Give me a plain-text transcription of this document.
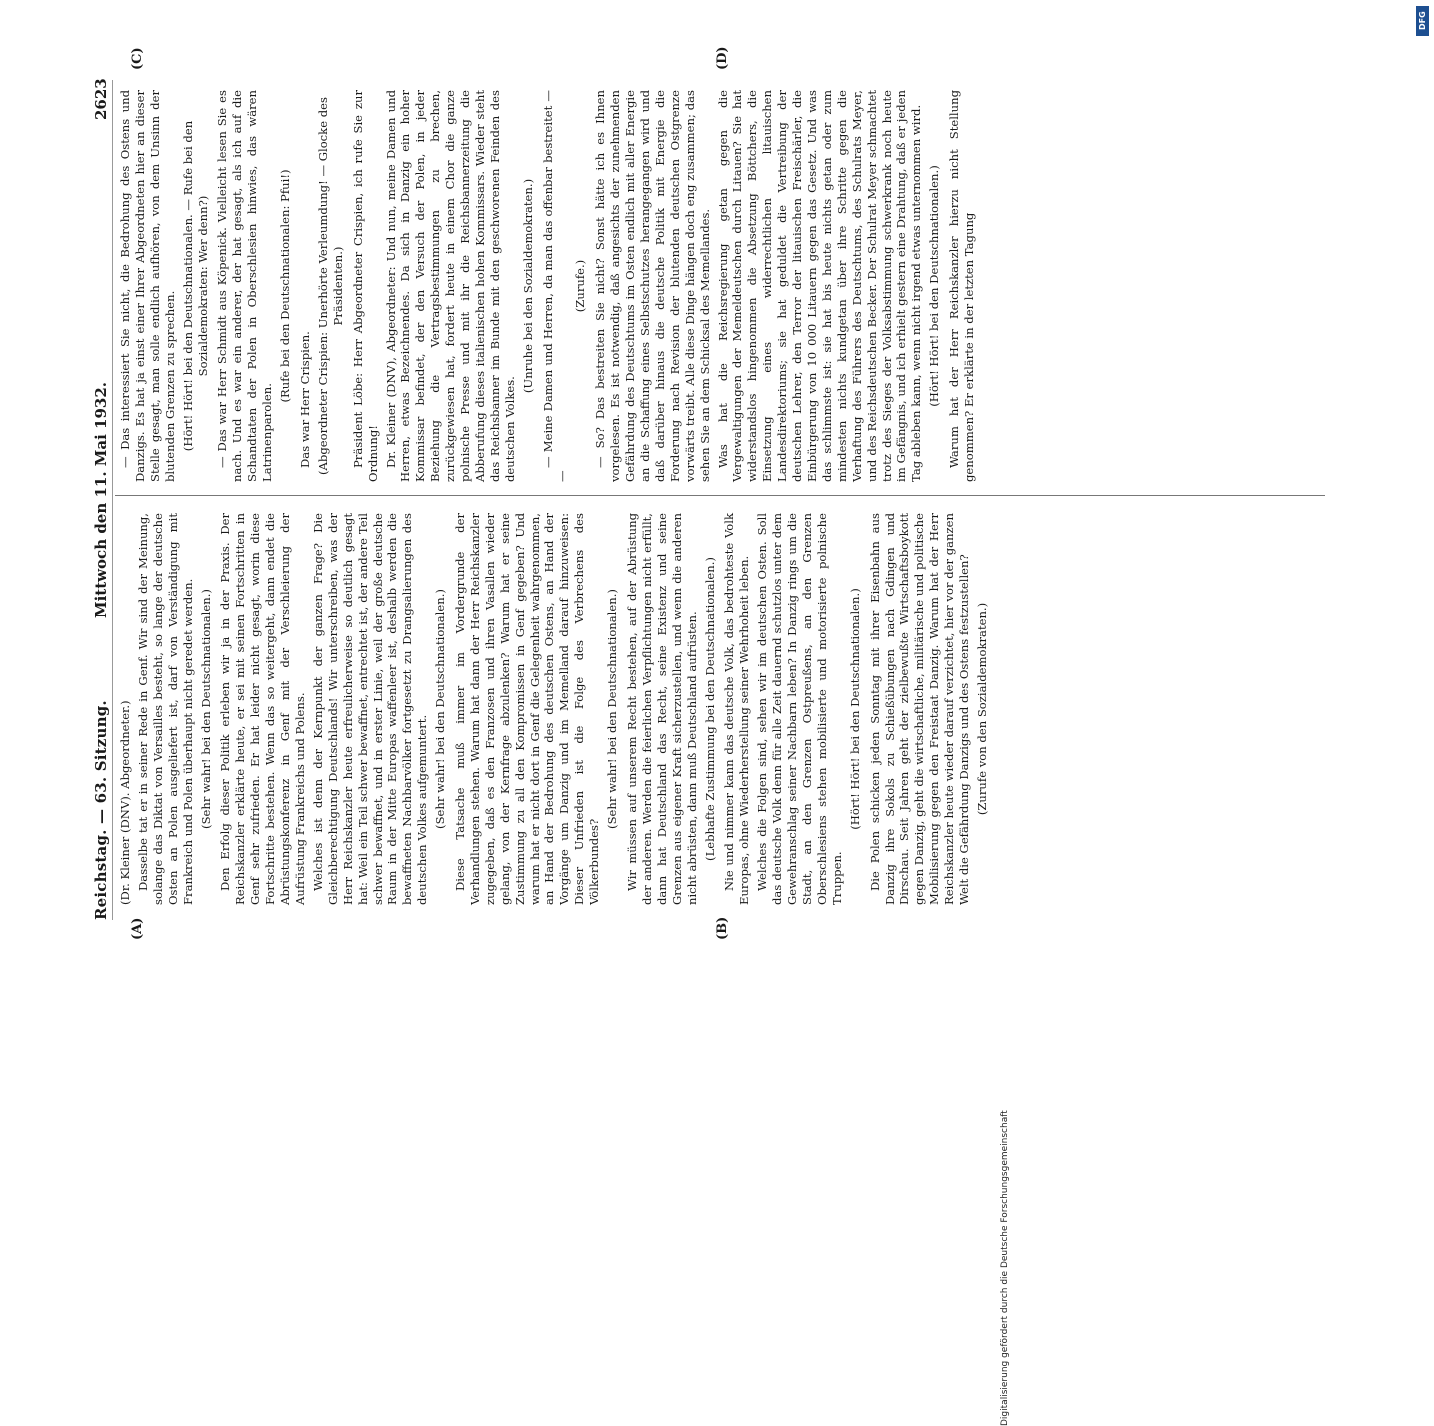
Reichstag. — 63. Sitzung.
Mittwoch den 11. Mai 1932.
2623
(A)	(B)
(C)	(D)

(Dr. Kleiner (DNV). Abgeordneter.) Dasselbe tat er in seiner Rede in Genf. Wir sind der Meinung, solange das Diktat von Versailles besteht, so lange der deutsche Osten an Polen ausgeliefert ist, darf von Verständigung mit Frankreich und Polen überhaupt nicht geredet werden. (Sehr wahr! bei den Deutschnationalen.) Den Erfolg dieser Politik erleben wir ja in der Praxis. Der Reichskanzler erklärte heute, er sei mit seinen Fortschritten in Genf sehr zufrieden. Er hat leider nicht gesagt, worin diese Fortschritte bestehen. Wenn das so weitergeht, dann endet die Abrüstungskonferenz in Genf mit der Verschleierung der Aufrüstung Frankreichs und Polens. Welches ist denn der Kernpunkt der ganzen Frage? Die Gleichberechtigung Deutschlands! Wir unterschreiben, was der Herr Reichskanzler heute erfreulicherweise so deutlich gesagt hat: Weil ein Teil schwer bewaffnet, entrechtet ist, der andere Teil schwer bewaffnet, und in erster Linie, weil der große deutsche Raum in der Mitte Europas waffenleer ist, deshalb werden die bewaffneten Nachbarvölker fortgesetzt zu Drangsalierungen des deutschen Volkes aufgemuntert. (Sehr wahr! bei den Deutschnationalen.) Diese Tatsache muß immer im Vordergrunde der Verhandlungen stehen. Warum hat dann der Herr Reichskanzler zugegeben, daß es den Franzosen und ihren Vasallen wieder gelang, von der Kernfrage abzulenken? Warum hat er seine Zustimmung zu all den Kompromissen in Genf gegeben? Und warum hat er nicht dort in Genf die Gelegenheit wahrgenommen, an Hand der Bedrohung des deutschen Ostens, an Hand der Vorgänge um Danzig und im Memelland darauf hinzuweisen: Dieser Unfrieden ist die Folge des Verbrechens des Völkerbundes?

(Sehr wahr! bei den Deutschnationalen.) Wir müssen auf unserem Recht bestehen, auf der Abrüstung der anderen. Werden die feierlichen Verpflichtungen nicht erfüllt, dann hat Deutschland das Recht, seine Existenz und seine Grenzen aus eigener Kraft sicherzustellen, und wenn die anderen nicht abrüsten, dann muß Deutschland aufrüsten. (Lebhafte Zustimmung bei den Deutschnationalen.) Nie und nimmer kann das deutsche Volk, das bedrohteste Volk Europas, ohne Wiederherstellung seiner Wehrhoheit leben. Welches die Folgen sind, sehen wir im deutschen Osten. Soll das deutsche Volk denn für alle Zeit dauernd schutzlos unter dem Gewehranschlag seiner Nachbarn leben? In Danzig rings um die Stadt, an den Grenzen Ostpreußens, an den Grenzen Oberschlesiens stehen mobilisierte und motorisierte polnische Truppen.

(Hört! Hört! bei den Deutschnationalen.) Die Polen schicken jeden Sonntag mit ihrer Eisenbahn aus Danzig ihre Sokols zu Schießübungen nach Gdingen und Dirschau. Seit Jahren geht der zielbewußte Wirtschaftsboykott gegen Danzig, geht die wirtschaftliche, militärische und politische Mobilisierung gegen den Freistaat Danzig. Warum hat der Herr Reichskanzler heute wieder darauf verzichtet, hier vor der ganzen Welt die Gefährdung Danzigs und des Ostens festzustellen? (Zurufe von den Sozialdemokraten.)

— Das interessiert Sie nicht, die Bedrohung des Ostens und Danzigs. Es hat ja einst einer Ihrer Abgeordneten hier an dieser Stelle gesagt, man solle endlich aufhören, von dem Unsinn der blutenden Grenzen zu sprechen. (Hört! Hört! bei den Deutschnationalen. — Rufe bei den Sozialdemokraten: Wer denn?) — Das war Herr Schmidt aus Köpenick. Vielleicht lesen Sie es nach. Und es war ein anderer, der hat gesagt, als ich auf die Schandtaten der Polen in Oberschlesien hinwies, das wären Latrinenparolen.

(Rufe bei den Deutschnationalen: Pfui!) Das war Herr Crispien. (Abgeordneter Crispien: Unerhörte Verleumdung! — Glocke des Präsidenten.) Präsident Löbe: Herr Abgeordneter Crispien, ich rufe Sie zur Ordnung! Dr. Kleiner (DNV), Abgeordneter: Und nun, meine Damen und Herren, etwas Bezeichnendes. Da sich in Danzig ein hoher Kommissar befindet, der den Versuch der Polen, in jeder Beziehung die Vertragsbestimmungen zu brechen, zurückgewiesen hat, fordert heute in einem Chor die ganze polnische Presse und mit ihr die Reichsbannerzeitung die Abberufung dieses italienischen hohen Kommissars. Wieder steht das Reichsbanner im Bunde mit den geschworenen Feinden des deutschen Volkes.

(Unruhe bei den Sozialdemokraten.) — Meine Damen und Herren, da man das offenbar bestreitet — —

(Zurufe.) — So? Das bestreiten Sie nicht? Sonst hätte ich es Ihnen vorgelesen. Es ist notwendig, daß angesichts der zunehmenden Gefährdung des Deutschtums im Osten endlich mit aller Energie an die Schaffung eines Selbstschutzes herangegangen wird und daß darüber hinaus die deutsche Politik mit Energie die Forderung nach Revision der blutenden deutschen Ostgrenze vorwärts treibt. Alle diese Dinge hängen doch eng zusammen; das sehen Sie an dem Schicksal des Memellandes. Was hat die Reichsregierung getan gegen die Vergewaltigungen der Memeldeutschen durch Litauen? Sie hat widerstandslos hingenommen die Absetzung Böttchers, die Einsetzung eines widerrechtlichen litauischen Landesdirektoriums; sie hat geduldet die Vertreibung der deutschen Lehrer, den Terror der litauischen Freischärler, die Einbürgerung von 10 000 Litauern gegen das Gesetz. Und was das schlimmste ist: sie hat bis heute nichts getan oder zum mindesten nichts kundgetan über ihre Schritte gegen die Verhaftung des Führers des Deutschtums, des Schulrats Meyer, und des Reichsdeutschen Becker. Der Schulrat Meyer schmachtet trotz des Sieges der Volksabstimmung schwerkrank noch heute im Gefängnis, und ich erhielt gestern eine Drahtung, daß er jeden Tag ableben kann, wenn nicht irgend etwas unternommen wird. (Hört! Hört! bei den Deutschnationalen.) Warum hat der Herr Reichskanzler hierzu nicht Stellung genommen? Er erklärte in der letzten Tagung

Digitalisierung gefördert durch die Deutsche Forschungsgemeinschaft
DFG
